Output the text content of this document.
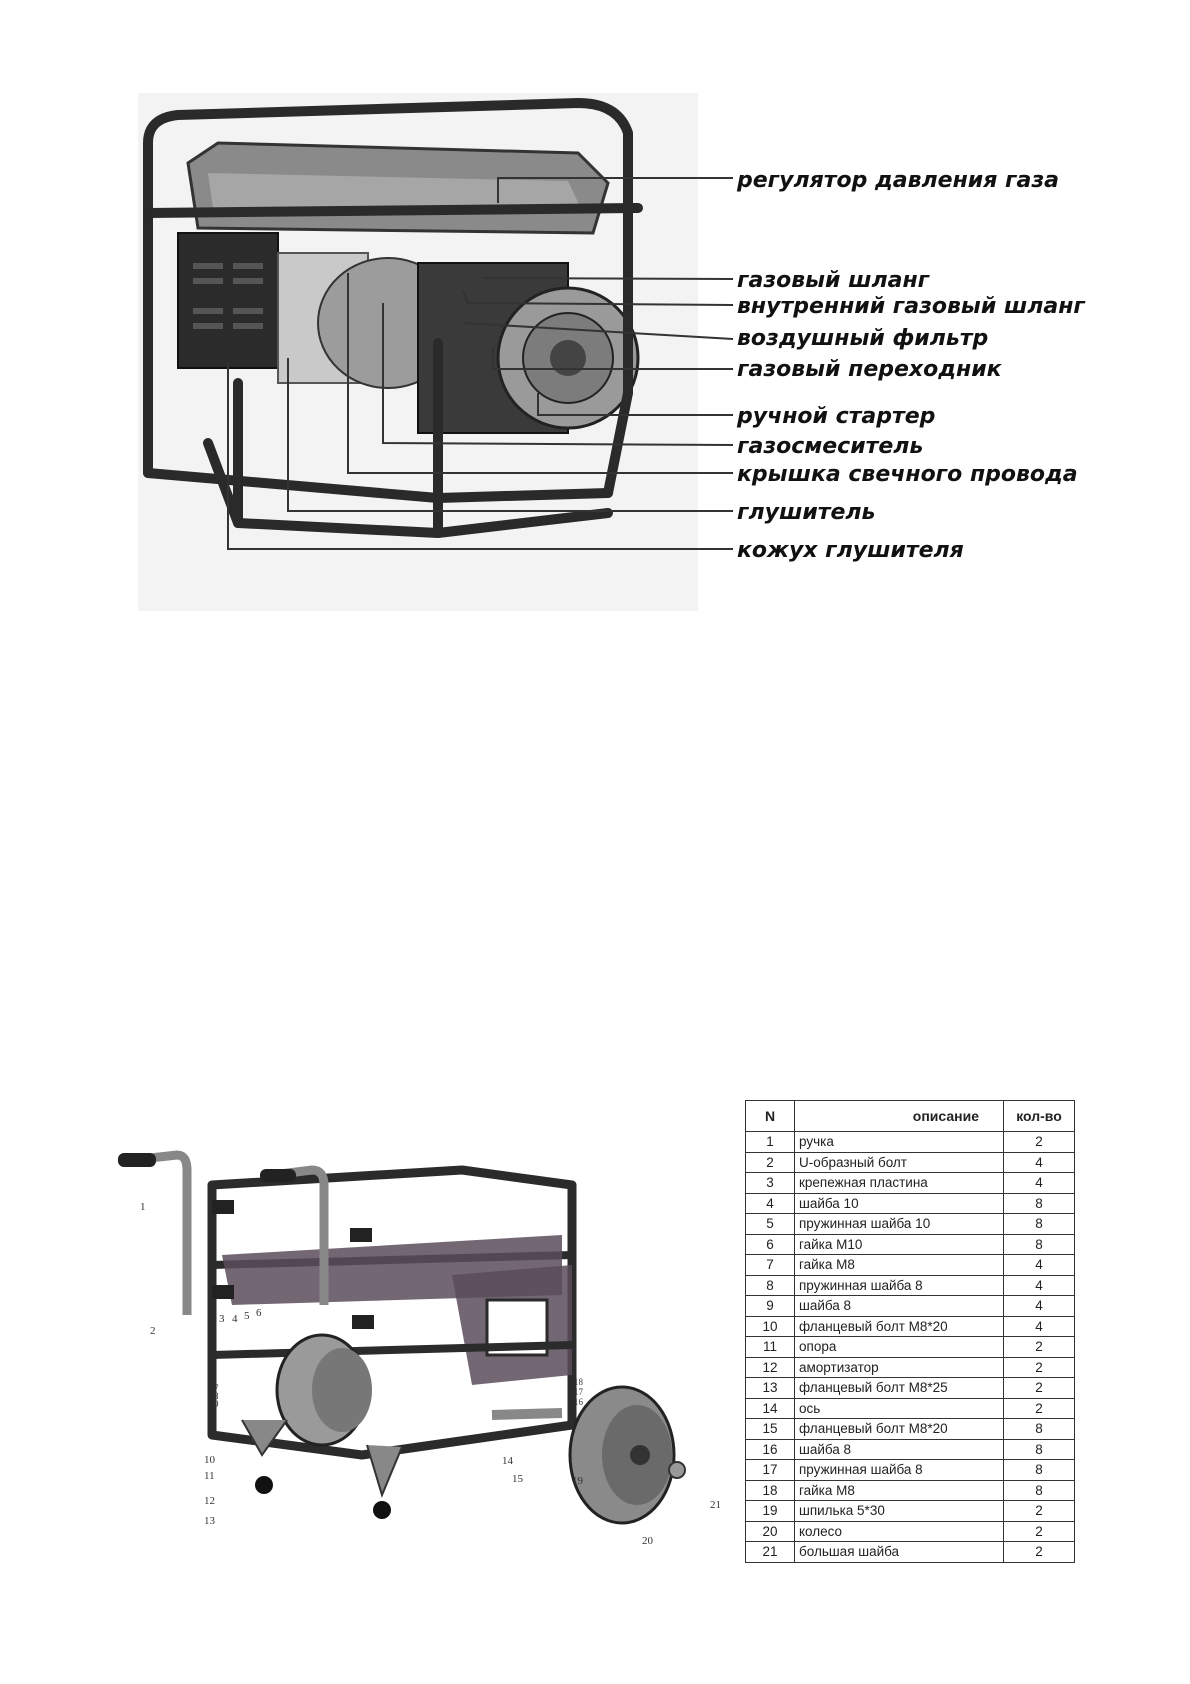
регулятор давления газа
газовый шланг
внутренний газовый шланг
воздушный фильтр
газовый переходник
ручной стартер
газосмеситель
крышка свечного провода
глушитель
кожух глушителя
1
2
3 4 5 6
7
8
9
10
11
12
13
14
15
16
17
18
19
20
21
N	описание	кол-во
1	ручка	2
2	U-образный болт	4
3	крепежная пластина	4
4	шайба 10	8
5	пружинная шайба 10	8
6	гайка M10	8
7	гайка M8	4
8	пружинная шайба 8	4
9	шайба 8	4
10	фланцевый болт M8*20	4
11	опора	2
12	амортизатор	2
13	фланцевый болт M8*25	2
14	ось	2
15	фланцевый болт M8*20	8
16	шайба 8	8
17	пружинная шайба 8	8
18	гайка M8	8
19	шпилька 5*30	2
20	колесо	2
21	большая шайба	2
